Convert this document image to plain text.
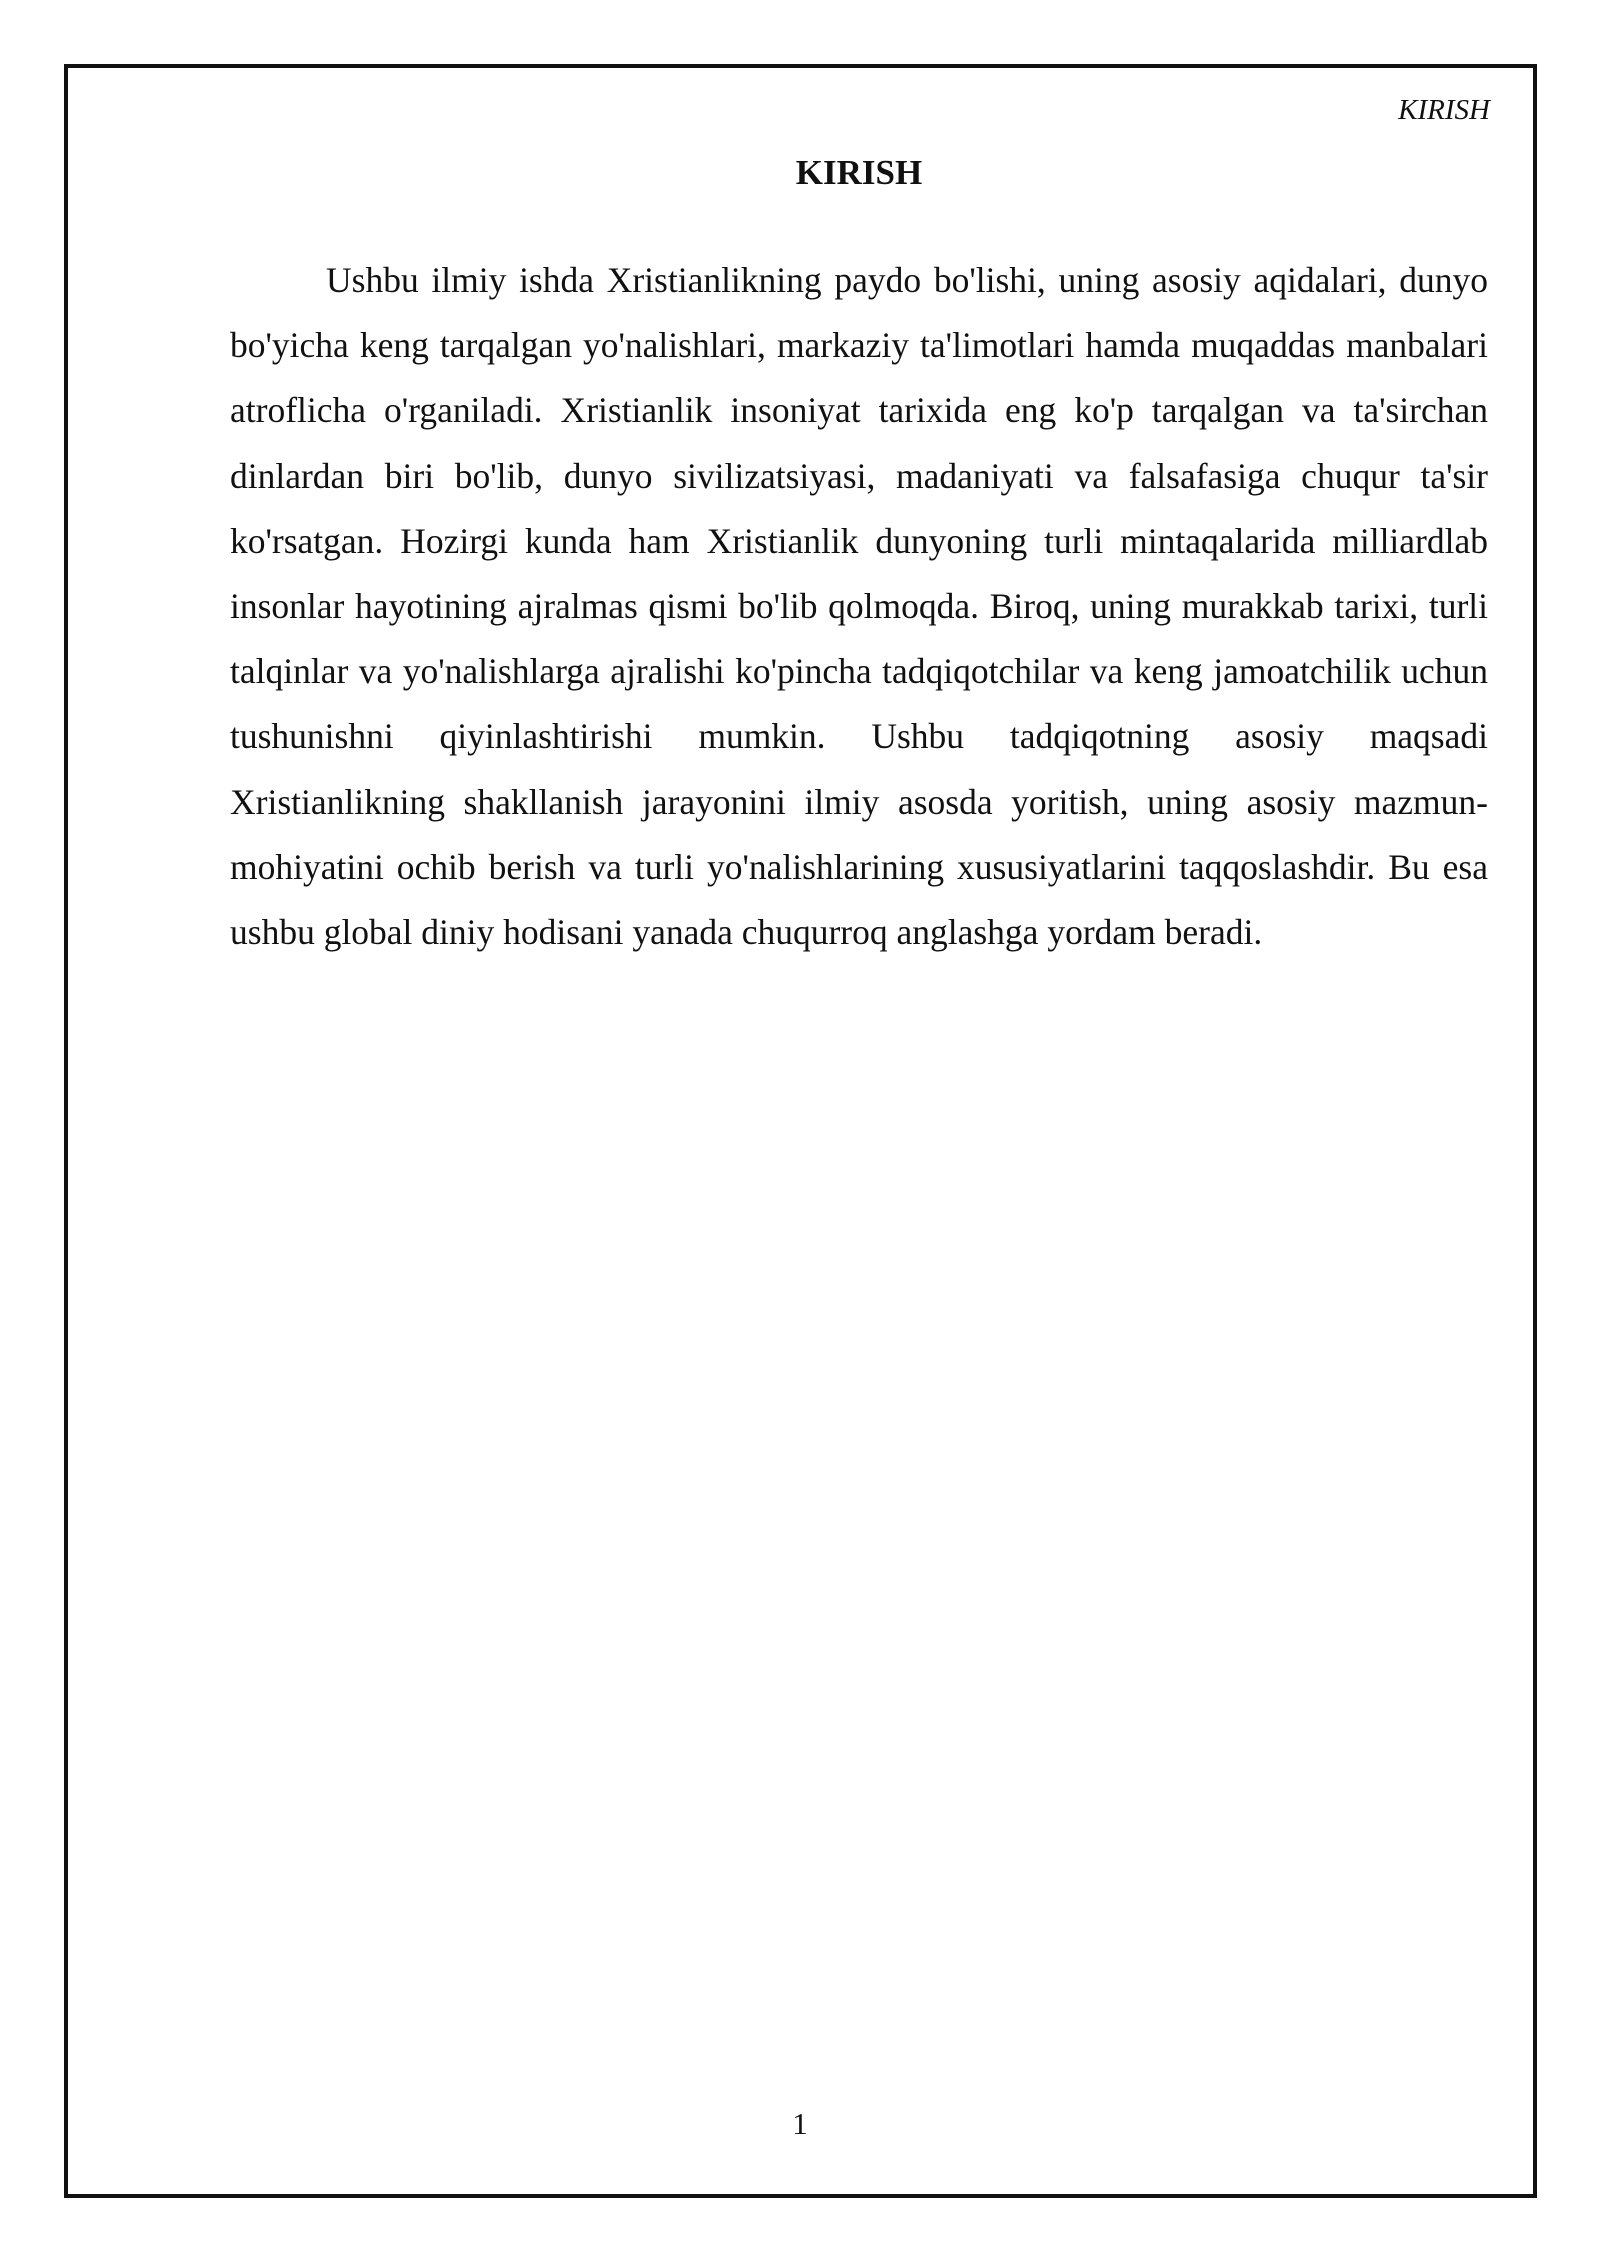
KIRISH
KIRISH

Ushbu ilmiy ishda Xristianlikning paydo bo'lishi, uning asosiy aqidalari, dunyo bo'yicha keng tarqalgan yo'nalishlari, markaziy ta'limotlari hamda muqaddas manbalari atroflicha o'rganiladi. Xristianlik insoniyat tarixida eng ko'p tarqalgan va ta'sirchan dinlardan biri bo'lib, dunyo sivilizatsiyasi, madaniyati va falsafasiga chuqur ta'sir ko'rsatgan. Hozirgi kunda ham Xristianlik dunyoning turli mintaqalarida milliardlab insonlar hayotining ajralmas qismi bo'lib qolmoqda. Biroq, uning murakkab tarixi, turli talqinlar va yo'nalishlarga ajralishi ko'pincha tadqiqotchilar va keng jamoatchilik uchun tushunishni qiyinlashtirishi mumkin. Ushbu tadqiqotning asosiy maqsadi Xristianlikning shakllanish jarayonini ilmiy asosda yoritish, uning asosiy mazmun-mohiyatini ochib berish va turli yo'nalishlarining xususiyatlarini taqqoslashdir. Bu esa ushbu global diniy hodisani yanada chuqurroq anglashga yordam beradi.

1
